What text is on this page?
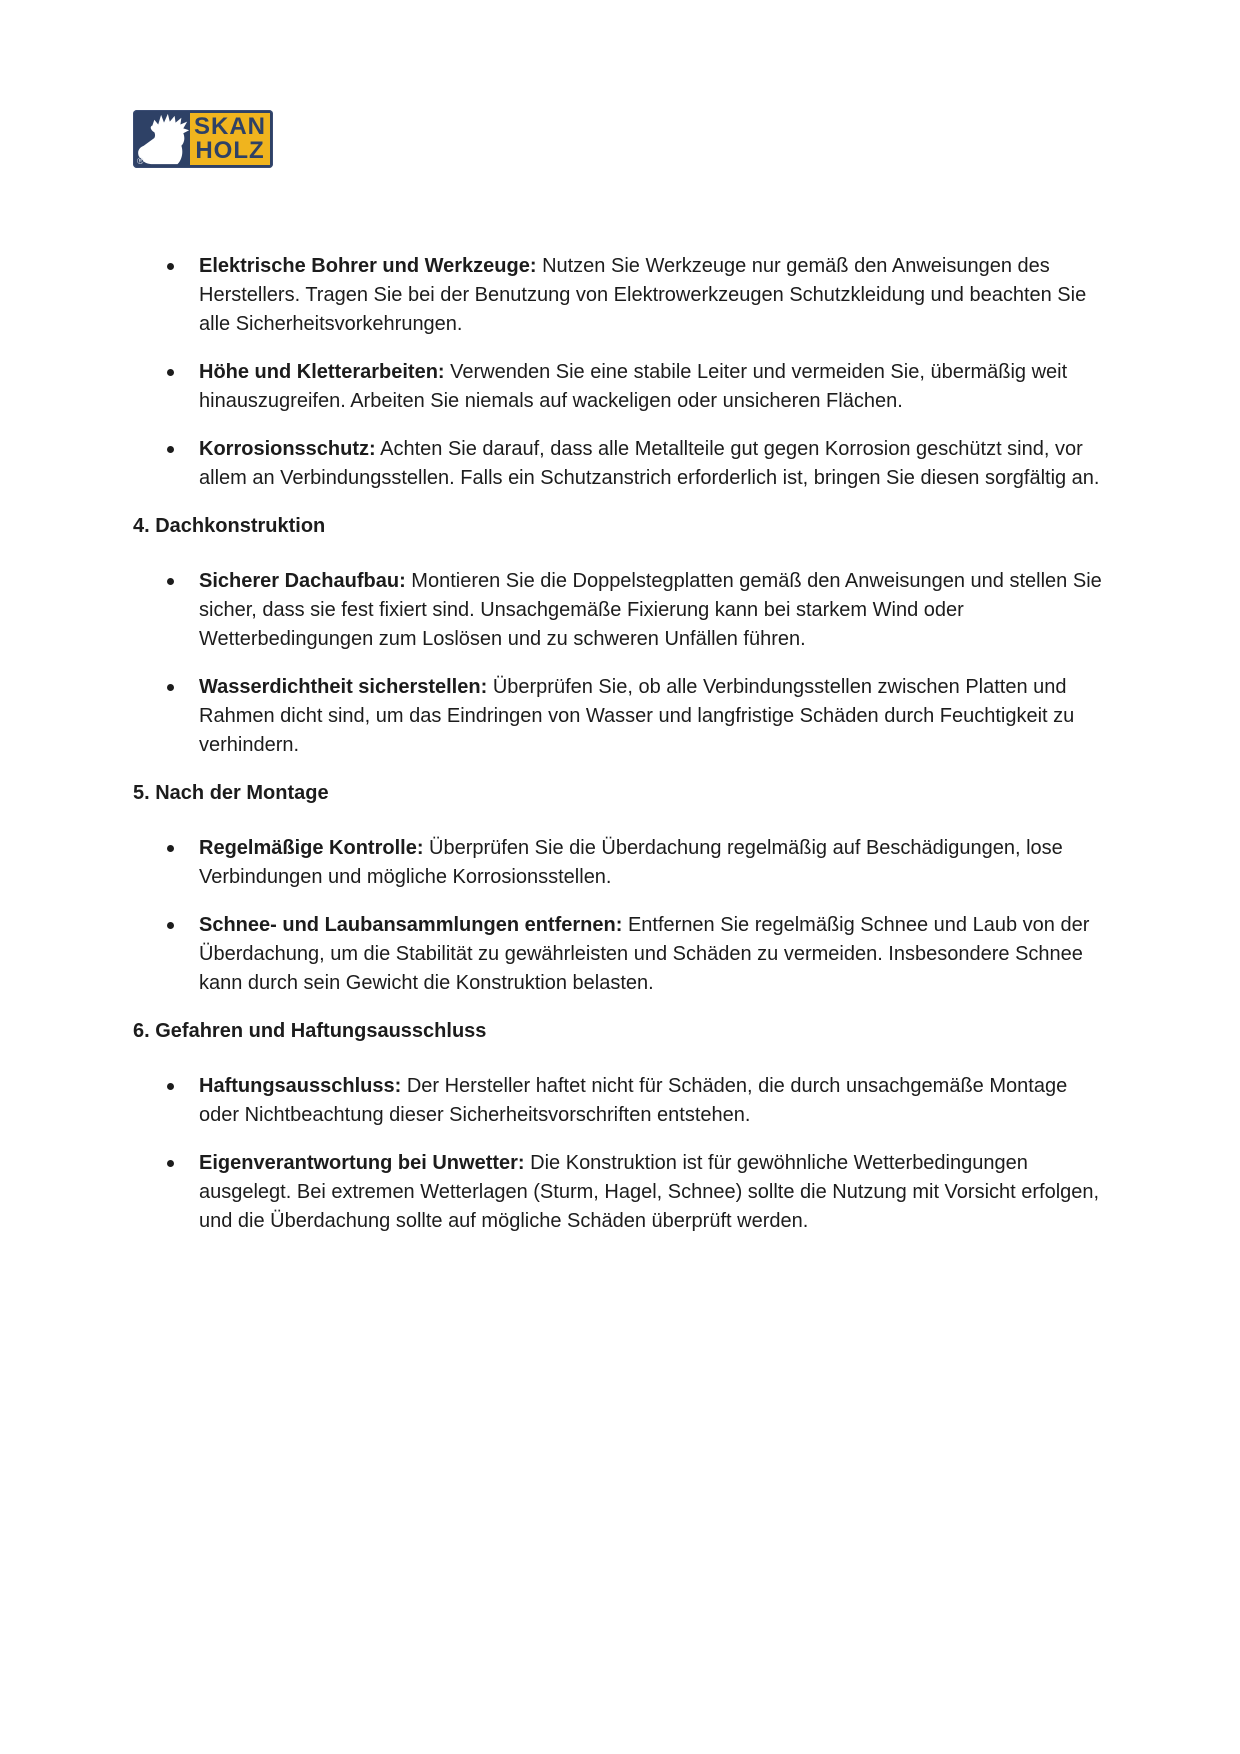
SKAN
HOLZ
®
Elektrische Bohrer und Werkzeuge: Nutzen Sie Werkzeuge nur gemäß den Anweisungen des Herstellers. Tragen Sie bei der Benutzung von Elektrowerkzeugen Schutzkleidung und beachten Sie alle Sicherheitsvorkehrungen.
Höhe und Kletterarbeiten: Verwenden Sie eine stabile Leiter und vermeiden Sie, übermäßig weit hinauszugreifen. Arbeiten Sie niemals auf wackeligen oder unsicheren Flächen.
Korrosionsschutz: Achten Sie darauf, dass alle Metallteile gut gegen Korrosion geschützt sind, vor allem an Verbindungsstellen. Falls ein Schutzanstrich erforderlich ist, bringen Sie diesen sorgfältig an.
4. Dachkonstruktion
Sicherer Dachaufbau: Montieren Sie die Doppelstegplatten gemäß den Anweisungen und stellen Sie sicher, dass sie fest fixiert sind. Unsachgemäße Fixierung kann bei starkem Wind oder Wetterbedingungen zum Loslösen und zu schweren Unfällen führen.
Wasserdichtheit sicherstellen: Überprüfen Sie, ob alle Verbindungsstellen zwischen Platten und Rahmen dicht sind, um das Eindringen von Wasser und langfristige Schäden durch Feuchtigkeit zu verhindern.
5. Nach der Montage
Regelmäßige Kontrolle: Überprüfen Sie die Überdachung regelmäßig auf Beschädigungen, lose Verbindungen und mögliche Korrosionsstellen.
Schnee- und Laubansammlungen entfernen: Entfernen Sie regelmäßig Schnee und Laub von der Überdachung, um die Stabilität zu gewährleisten und Schäden zu vermeiden. Insbesondere Schnee kann durch sein Gewicht die Konstruktion belasten.
6. Gefahren und Haftungsausschluss
Haftungsausschluss: Der Hersteller haftet nicht für Schäden, die durch unsachgemäße Montage oder Nichtbeachtung dieser Sicherheitsvorschriften entstehen.
Eigenverantwortung bei Unwetter: Die Konstruktion ist für gewöhnliche Wetterbedingungen ausgelegt. Bei extremen Wetterlagen (Sturm, Hagel, Schnee) sollte die Nutzung mit Vorsicht erfolgen, und die Überdachung sollte auf mögliche Schäden überprüft werden.
